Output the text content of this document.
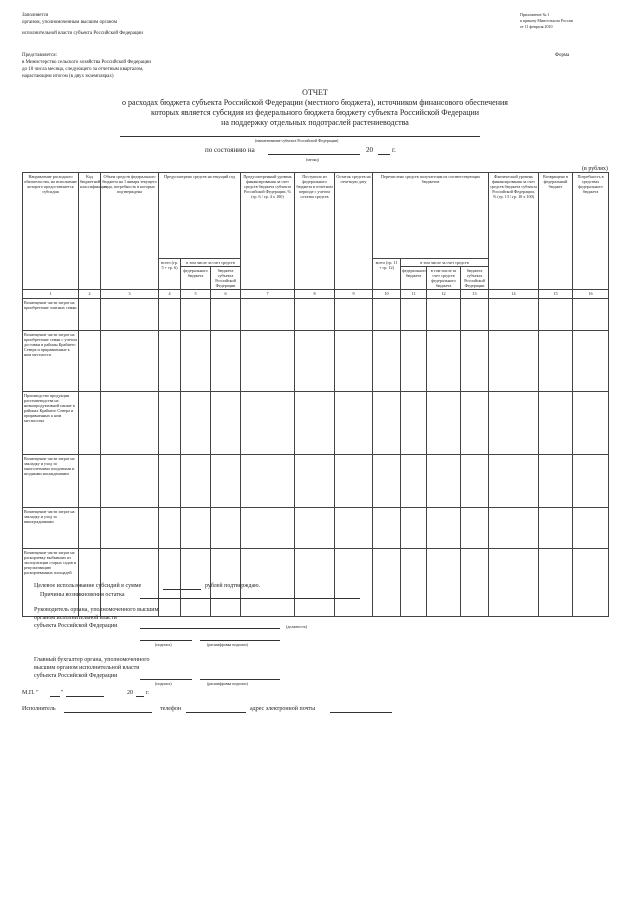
Заполняется
органом, уполномоченным высшим органом
исполнительной власти субъекта Российской Федерации
Представляется:
в Министерство сельского хозяйства Российской Федерации
до 10 числа месяца, следующего за отчетным кварталом,
нарастающим итогом (в двух экземплярах)
Приложение № 1
к приказу Минсельхоза России
от 11 февраля 2010
Форма
ОТЧЕТ
о расходах бюджета субъекта Российской Федерации (местного бюджета), источником финансового обеспечения
которых является субсидия из федерального бюджета бюджету субъекта Российской Федерации
на поддержку отдельных подотраслей растениеводства
(наименование субъекта Российской Федерации)
по состоянию на	20	г.
(месяц)
(в рублях)
Направление расходного обязательства, на исполнение которого предоставляется субсидия	Код бюджетной классификации	Объем средств федерального бюджета на 1 января текущего года, потребность в которых подтверждена	Предусмотрено средств на текущий год			Предусмотренный уровень финансирования за счет средств бюджета субъекта Российской Федерации, % (гр. 6 / гр. 4 х 100)	Поступило из федерального бюджета в отчетном периоде с учетом остатка средств	Остаток средств на отчетную дату	Перечислено средств получателям из соответствующих бюджетов				Фактический уровень финансирования за счет средств бюджета субъекта Российской Федерации, % (гр. 13 / гр. 10 х 100)	Возвращено в федеральный бюджет	Потребность в средствах федерального бюджета
			всего (гр. 5 + гр. 6)	в том числе за счет средств					всего (гр. 11 + гр. 12)	в том числе за счет средств					
				федерального бюджета	бюджета субъекта Российской Федерации					федерального бюджета	в том числе за счет средств федерального бюджета	бюджета субъекта Российской Федерации			
1	2	3	4	5	6	7	8	9	10	11	12	13	14	15	16
Возмещение части затрат на приобретение элитных семян															
Возмещение части затрат на приобретение семян с учетом доставки в районы Крайнего Севера и приравненные к ним местности															
Производство продукции растениеводства на низкопродуктивной пашне в районах Крайнего Севера и приравненных к ним местностях															
Возмещение части затрат на закладку и уход за многолетними плодовыми и ягодными насаждениями															
Возмещение части затрат на закладку и уход за виноградниками															
Возмещение части затрат на раскорчевку выбывших из эксплуатации старых садов и рекультивацию раскорчеванных площадей															
Целевое использование субсидий в сумме	рублей подтверждаю.
Причины возникновения остатка
Руководитель органа, уполномоченного высшим
органом исполнительной власти
субъекта Российской Федерации	(должность)
(подпись)	(расшифровка подписи)
Главный бухгалтер органа, уполномоченного
высшим органом исполнительной власти
субъекта Российской Федерации
(подпись)	(расшифровка подписи)
М.П. "	"	20 г.
Исполнитель	телефон	адрес электронной почты
